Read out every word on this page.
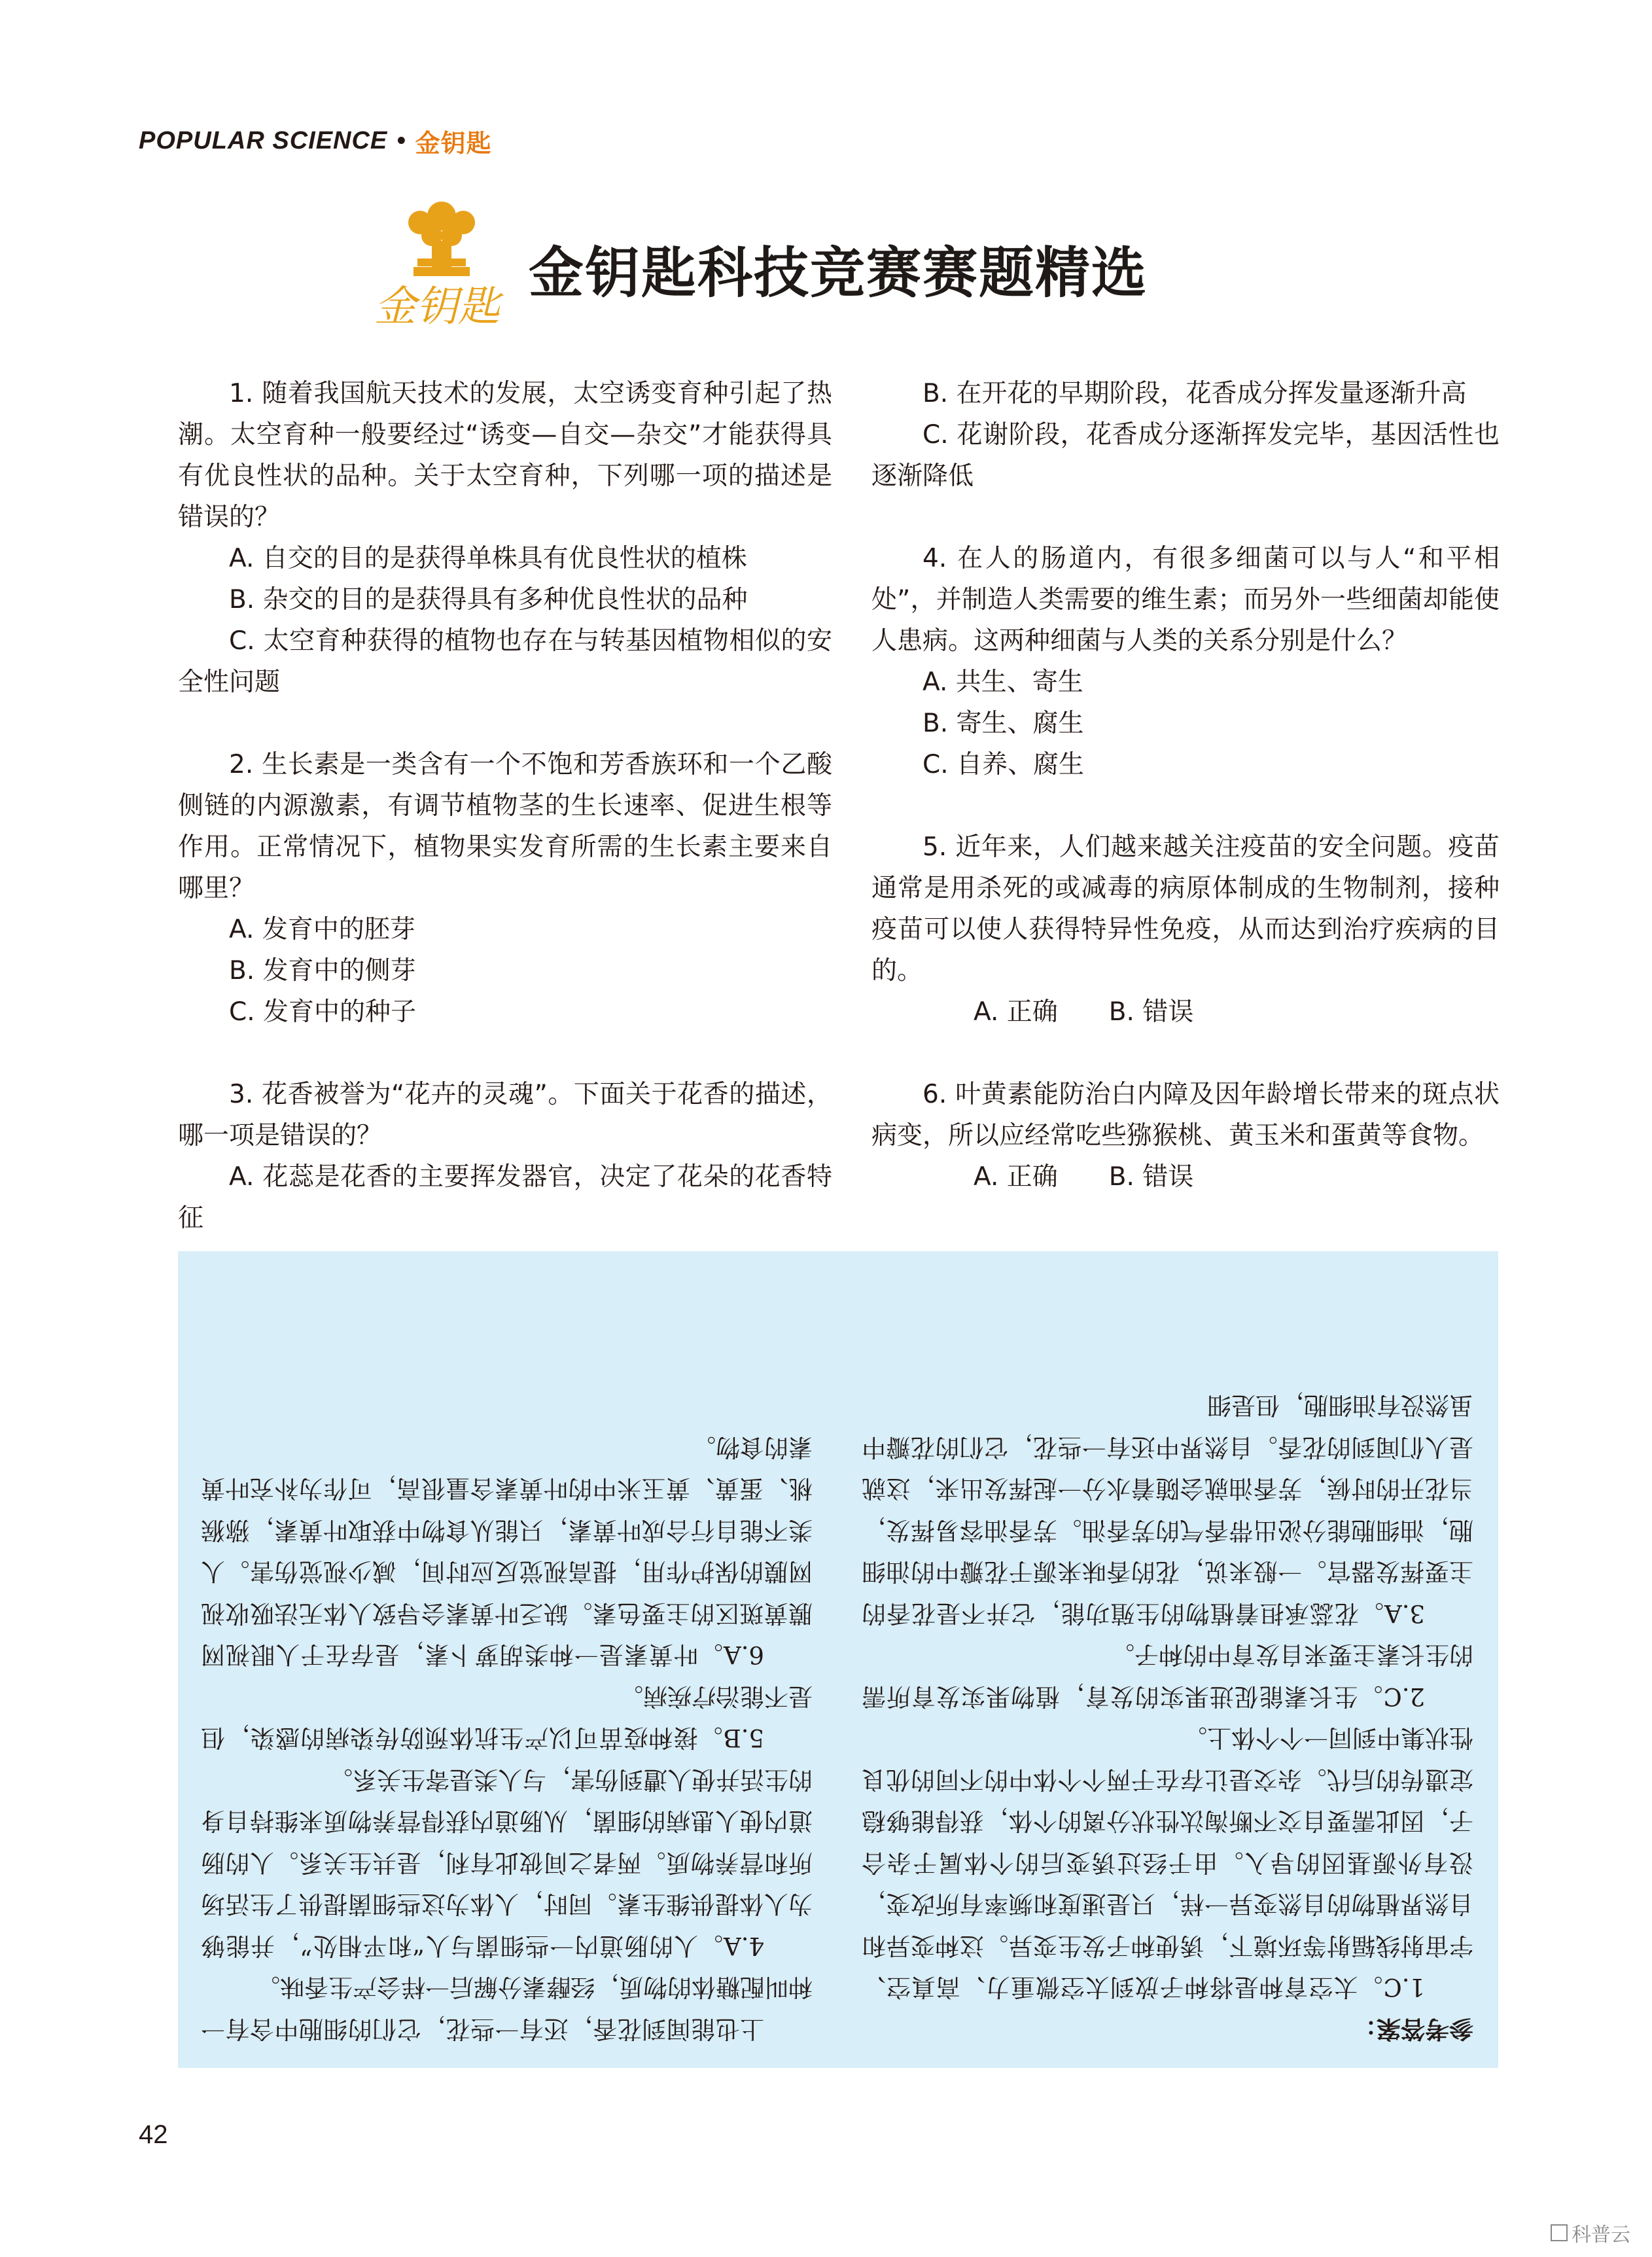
POPULAR SCIENCE • 金钥匙
金钥匙
金钥匙科技竞赛赛题精选

1. 随着我国航天技术的发展，太空诱变育种引起了热潮。太空育种一般要经过“诱变—自交—杂交”才能获得具有优良性状的品种。关于太空育种，下列哪一项的描述是错误的？

A. 自交的目的是获得单株具有优良性状的植株

B. 杂交的目的是获得具有多种优良性状的品种

C. 太空育种获得的植物也存在与转基因植物相似的安全性问题

2. 生长素是一类含有一个不饱和芳香族环和一个乙酸侧链的内源激素，有调节植物茎的生长速率、促进生根等作用。正常情况下，植物果实发育所需的生长素主要来自哪里？

A. 发育中的胚芽

B. 发育中的侧芽

C. 发育中的种子

3. 花香被誉为“花卉的灵魂”。下面关于花香的描述，哪一项是错误的？

A. 花蕊是花香的主要挥发器官，决定了花朵的花香特征

B. 在开花的早期阶段，花香成分挥发量逐渐升高

C. 花谢阶段，花香成分逐渐挥发完毕，基因活性也逐渐降低

4. 在人的肠道内，有很多细菌可以与人“和平相处”，并制造人类需要的维生素；而另外一些细菌却能使人患病。这两种细菌与人类的关系分别是什么？

A. 共生、寄生

B. 寄生、腐生

C. 自养、腐生

5. 近年来，人们越来越关注疫苗的安全问题。疫苗通常是用杀死的或减毒的病原体制成的生物制剂，接种疫苗可以使人获得特异性免疫，从而达到治疗疾病的目的。

A. 正确 B. 错误

6. 叶黄素能防治白内障及因年龄增长带来的斑点状病变，所以应经常吃些猕猴桃、黄玉米和蛋黄等食物。

A. 正确 B. 错误

参考答案：

1.C。太空育种是将种子放到太空微重力、高真空、宇宙射线辐射等环境下，诱使种子发生变异。这种变异和自然界植物的自然变异一样，只是速度和频率有所改变，没有外源基因的导入。由于经过诱变后的个体属于杂合子，因此需要自交不断淘汰性状分离的个体，获得能够稳定遗传的后代。杂交是让存在于两个个体中的不同的优良性状集中到同一个个体上。

2.C。生长素能促进果实的发育，植物果实发育所需的生长素主要来自发育中的种子。

3.A。花蕊承担着植物的生殖功能，它并不是花香的主要挥发器官。一般来说，花的香味来源于花瓣中的油细胞，油细胞能分泌出带香气的芳香油。芳香油容易挥发，当花开的时候，芳香油就会随着水分一起挥发出来，这就是人们闻到的花香。自然界中还有一些花，它们的花瓣中虽然没有油细胞，但是细

上也能闻到花香，还有一些花，它们的细胞中含有一种叫配糖体的物质，经酵素分解后一样会产生香味。

4.A。人的肠道内一些细菌与人“和平相处”，并能够为人体提供维生素。同时，人体为这些细菌提供了生活场所和营养物质。两者之间彼此有利，是共生关系。人的肠道内使人患病的细菌，从肠道内获得营养物质来维持自身的生活并使人遭到伤害，与人类是寄生关系。

5.B。接种疫苗可以产生抗体预防传染病的感染，但是不能治疗疾病。

6.A。叶黄素是一种类胡萝卜素，是存在于人眼视网膜黄斑区的主要色素。缺乏叶黄素会导致人体无法吸收视网膜的保护作用，提高视觉反应时间，减少视觉伤害。人类不能自行合成叶黄素，只能从食物中获取叶黄素，猕猴桃、蛋黄、黄玉米中的叶黄素含量很高，可作为补充叶黄素的食物。

42
科普云
